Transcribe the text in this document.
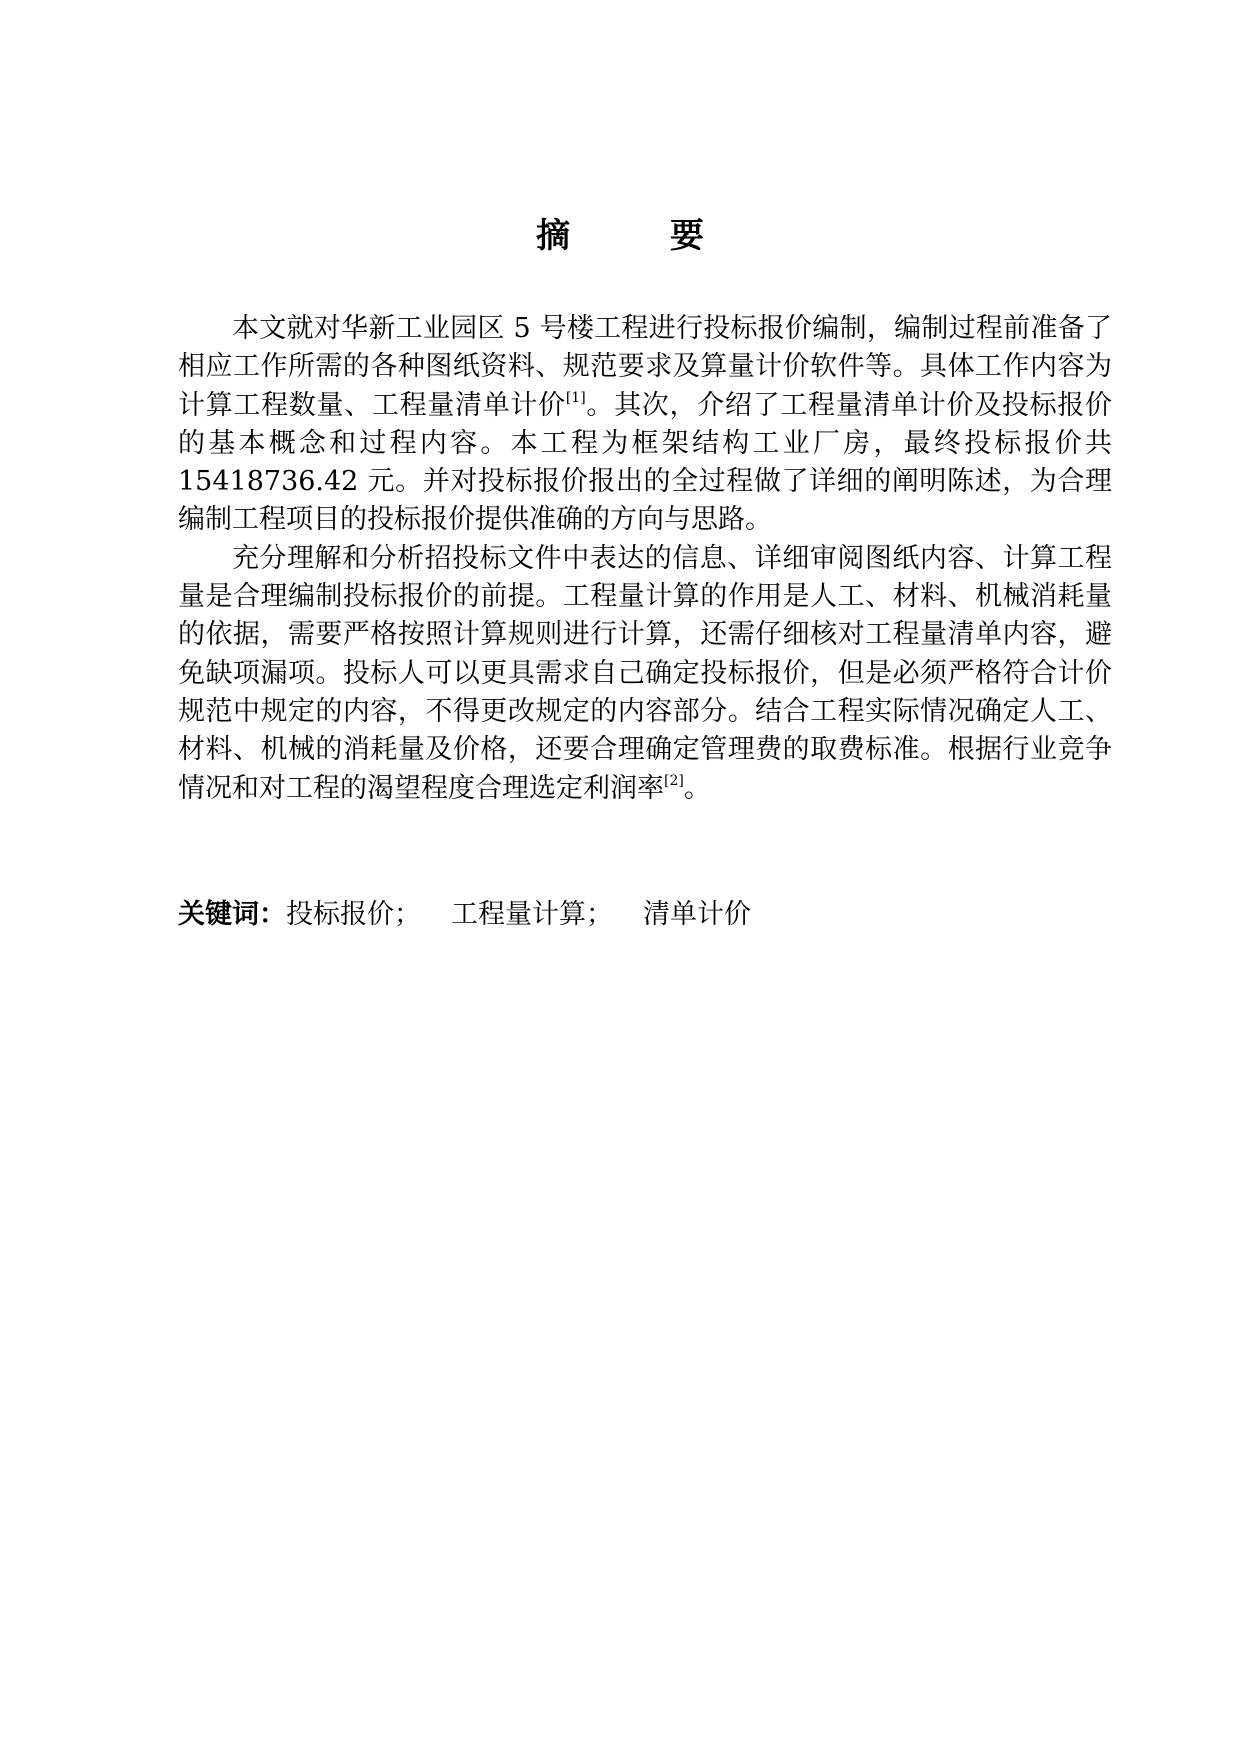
摘 要

本文就对华新工业园区 5 号楼工程进行投标报价编制，编制过程前准备了相应工作所需的各种图纸资料、规范要求及算量计价软件等。具体工作内容为计算工程数量、工程量清单计价[1]。其次，介绍了工程量清单计价及投标报价的基本概念和过程内容。本工程为框架结构工业厂房，最终投标报价共 15418736.42 元。并对投标报价报出的全过程做了详细的阐明陈述，为合理编制工程项目的投标报价提供准确的方向与思路。

充分理解和分析招投标文件中表达的信息、详细审阅图纸内容、计算工程量是合理编制投标报价的前提。工程量计算的作用是人工、材料、机械消耗量的依据，需要严格按照计算规则进行计算，还需仔细核对工程量清单内容，避免缺项漏项。投标人可以更具需求自己确定投标报价，但是必须严格符合计价规范中规定的内容，不得更改规定的内容部分。结合工程实际情况确定人工、材料、机械的消耗量及价格，还要合理确定管理费的取费标准。根据行业竞争情况和对工程的渴望程度合理选定利润率[2]。

关键词：投标报价； 工程量计算； 清单计价
